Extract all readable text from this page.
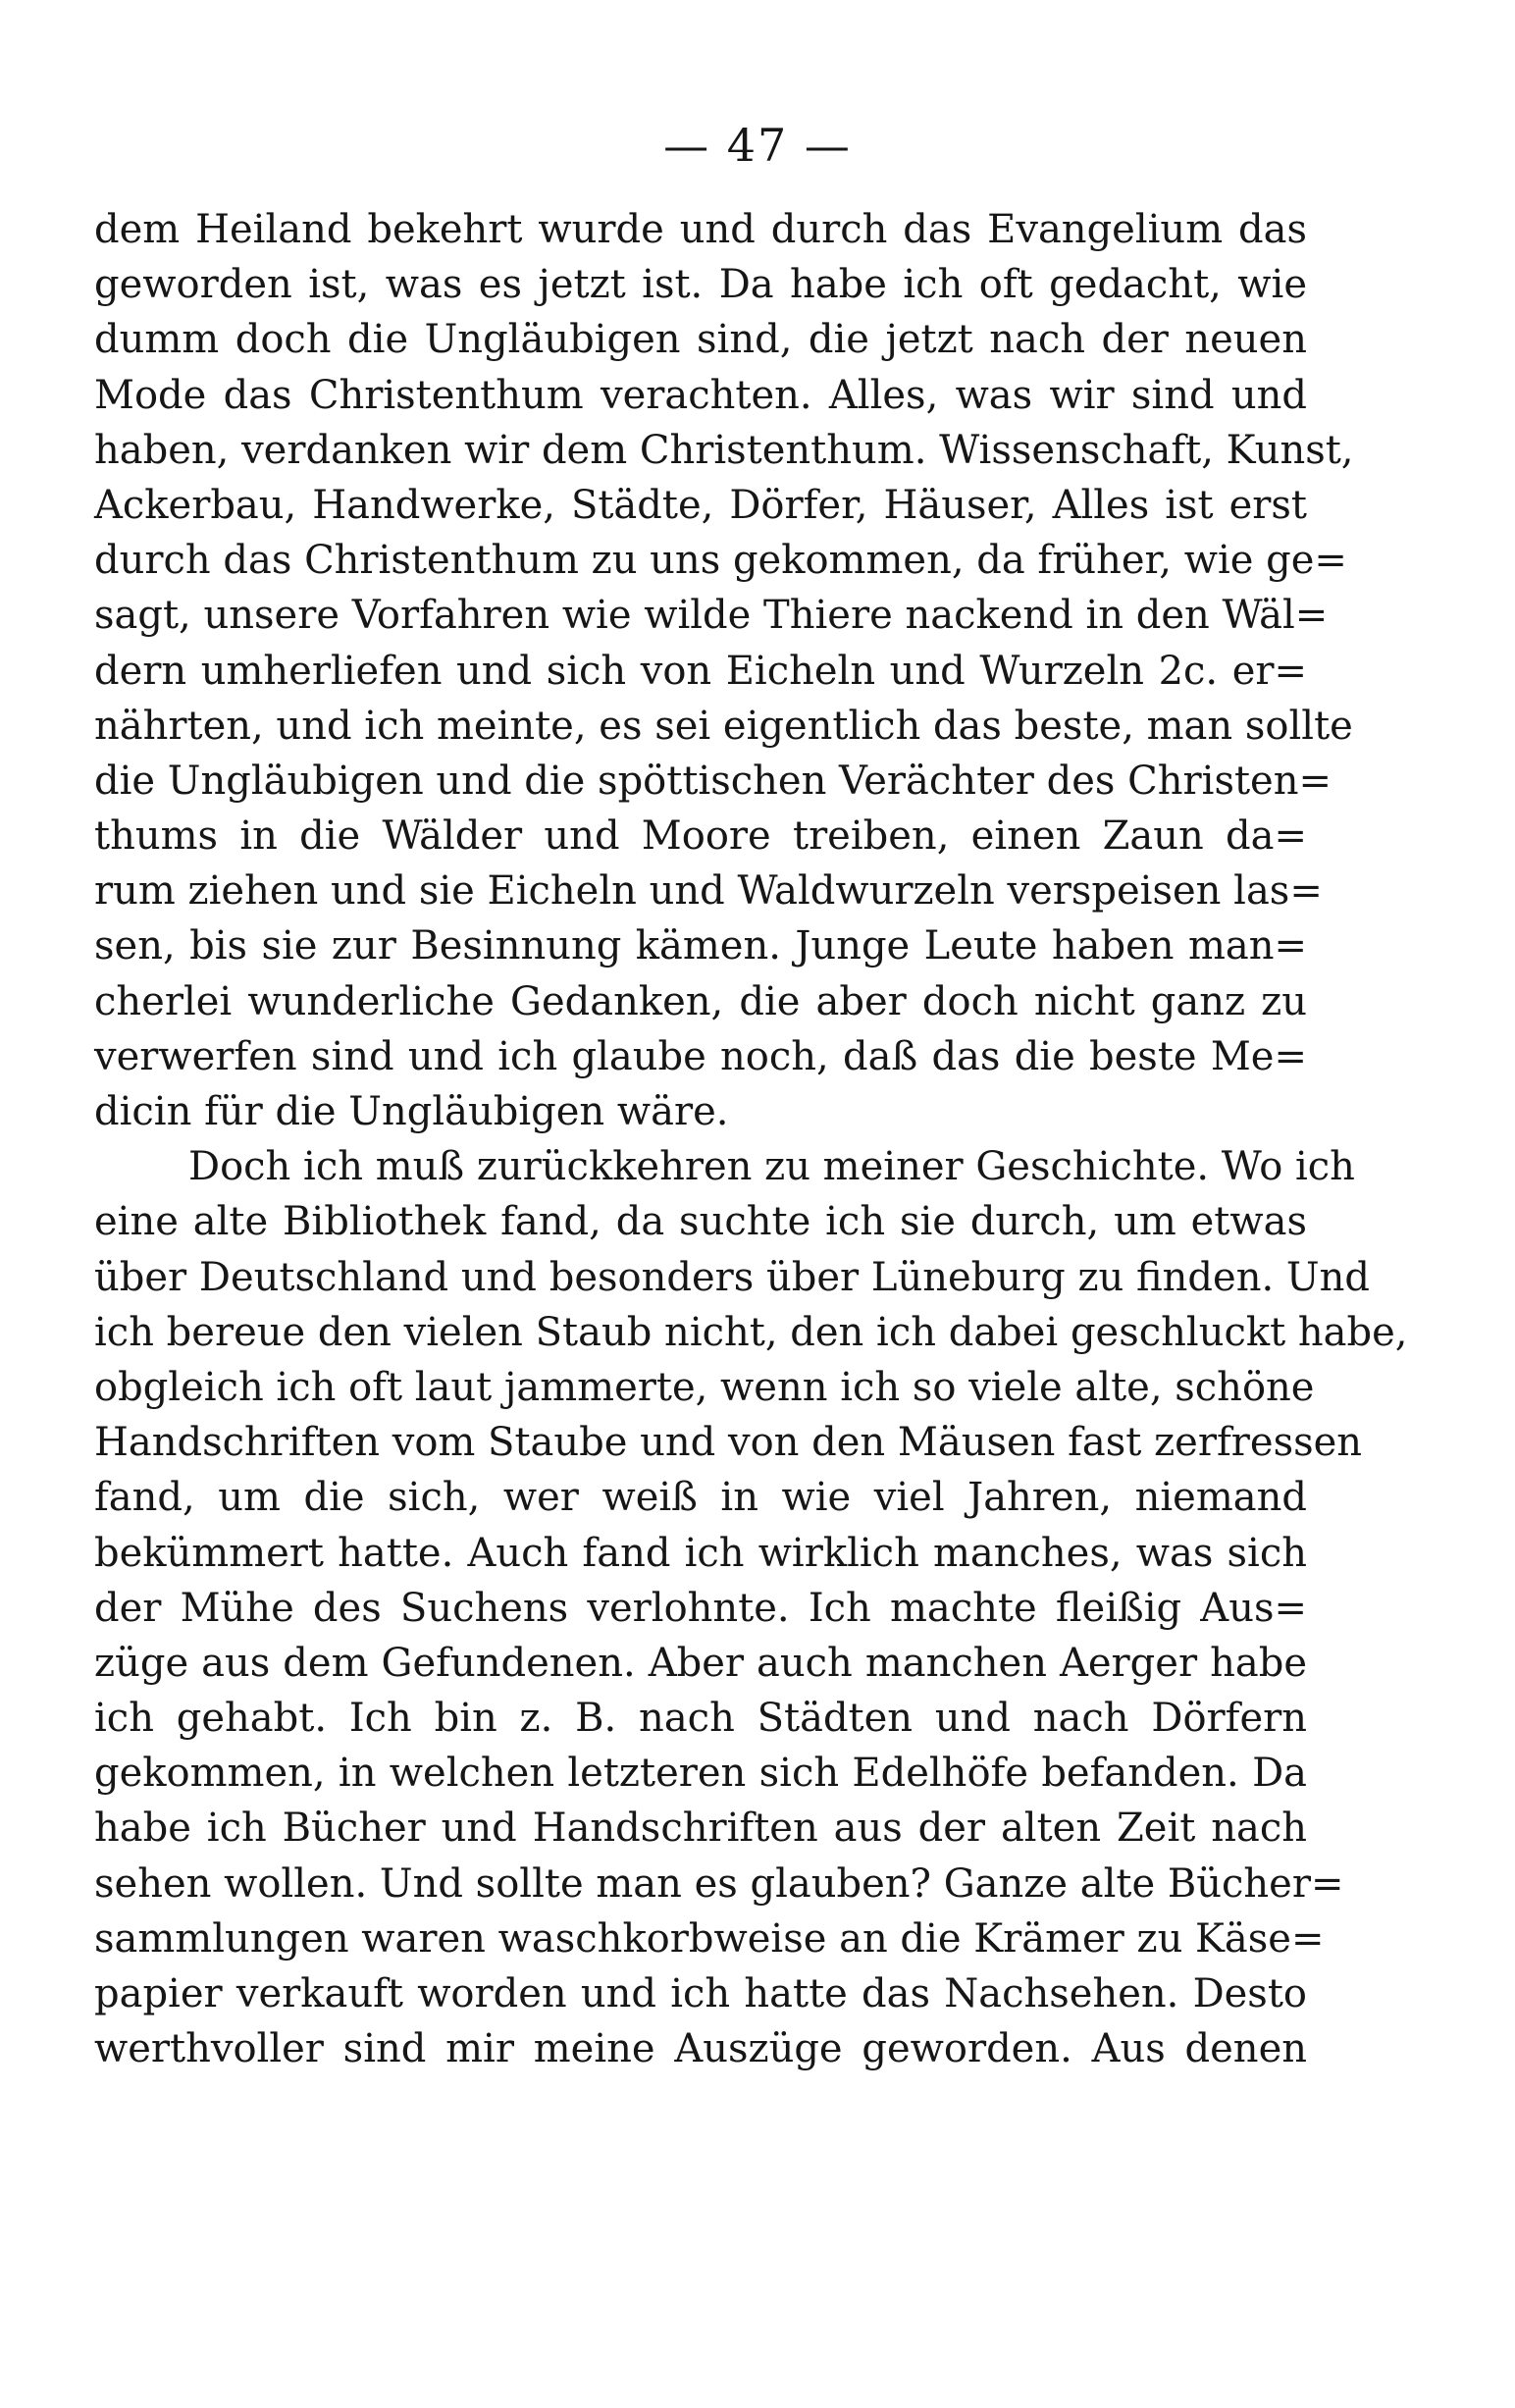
— 47 —

dem Heiland bekehrt wurde und durch das Evangelium das
geworden ist, was es jetzt ist. Da habe ich oft gedacht, wie
dumm doch die Ungläubigen sind, die jetzt nach der neuen
Mode das Christenthum verachten. Alles, was wir sind und
haben, verdanken wir dem Christenthum. Wissenschaft, Kunst,
Ackerbau, Handwerke, Städte, Dörfer, Häuser, Alles ist erst
durch das Christenthum zu uns gekommen, da früher, wie ge=
sagt, unsere Vorfahren wie wilde Thiere nackend in den Wäl=
dern umherliefen und sich von Eicheln und Wurzeln 2c. er=
nährten, und ich meinte, es sei eigentlich das beste, man sollte
die Ungläubigen und die spöttischen Verächter des Christen=
thums in die Wälder und Moore treiben, einen Zaun da=
rum ziehen und sie Eicheln und Waldwurzeln verspeisen las=
sen, bis sie zur Besinnung kämen. Junge Leute haben man=
cherlei wunderliche Gedanken, die aber doch nicht ganz zu
verwerfen sind und ich glaube noch, daß das die beste Me=
dicin für die Ungläubigen wäre.
Doch ich muß zurückkehren zu meiner Geschichte. Wo ich
eine alte Bibliothek fand, da suchte ich sie durch, um etwas
über Deutschland und besonders über Lüneburg zu finden. Und
ich bereue den vielen Staub nicht, den ich dabei geschluckt habe,
obgleich ich oft laut jammerte, wenn ich so viele alte, schöne
Handschriften vom Staube und von den Mäusen fast zerfressen
fand, um die sich, wer weiß in wie viel Jahren, niemand
bekümmert hatte. Auch fand ich wirklich manches, was sich
der Mühe des Suchens verlohnte. Ich machte fleißig Aus=
züge aus dem Gefundenen. Aber auch manchen Aerger habe
ich gehabt. Ich bin z. B. nach Städten und nach Dörfern
gekommen, in welchen letzteren sich Edelhöfe befanden. Da
habe ich Bücher und Handschriften aus der alten Zeit nach
sehen wollen. Und sollte man es glauben? Ganze alte Bücher=
sammlungen waren waschkorbweise an die Krämer zu Käse=
papier verkauft worden und ich hatte das Nachsehen. Desto
werthvoller sind mir meine Auszüge geworden. Aus denen
